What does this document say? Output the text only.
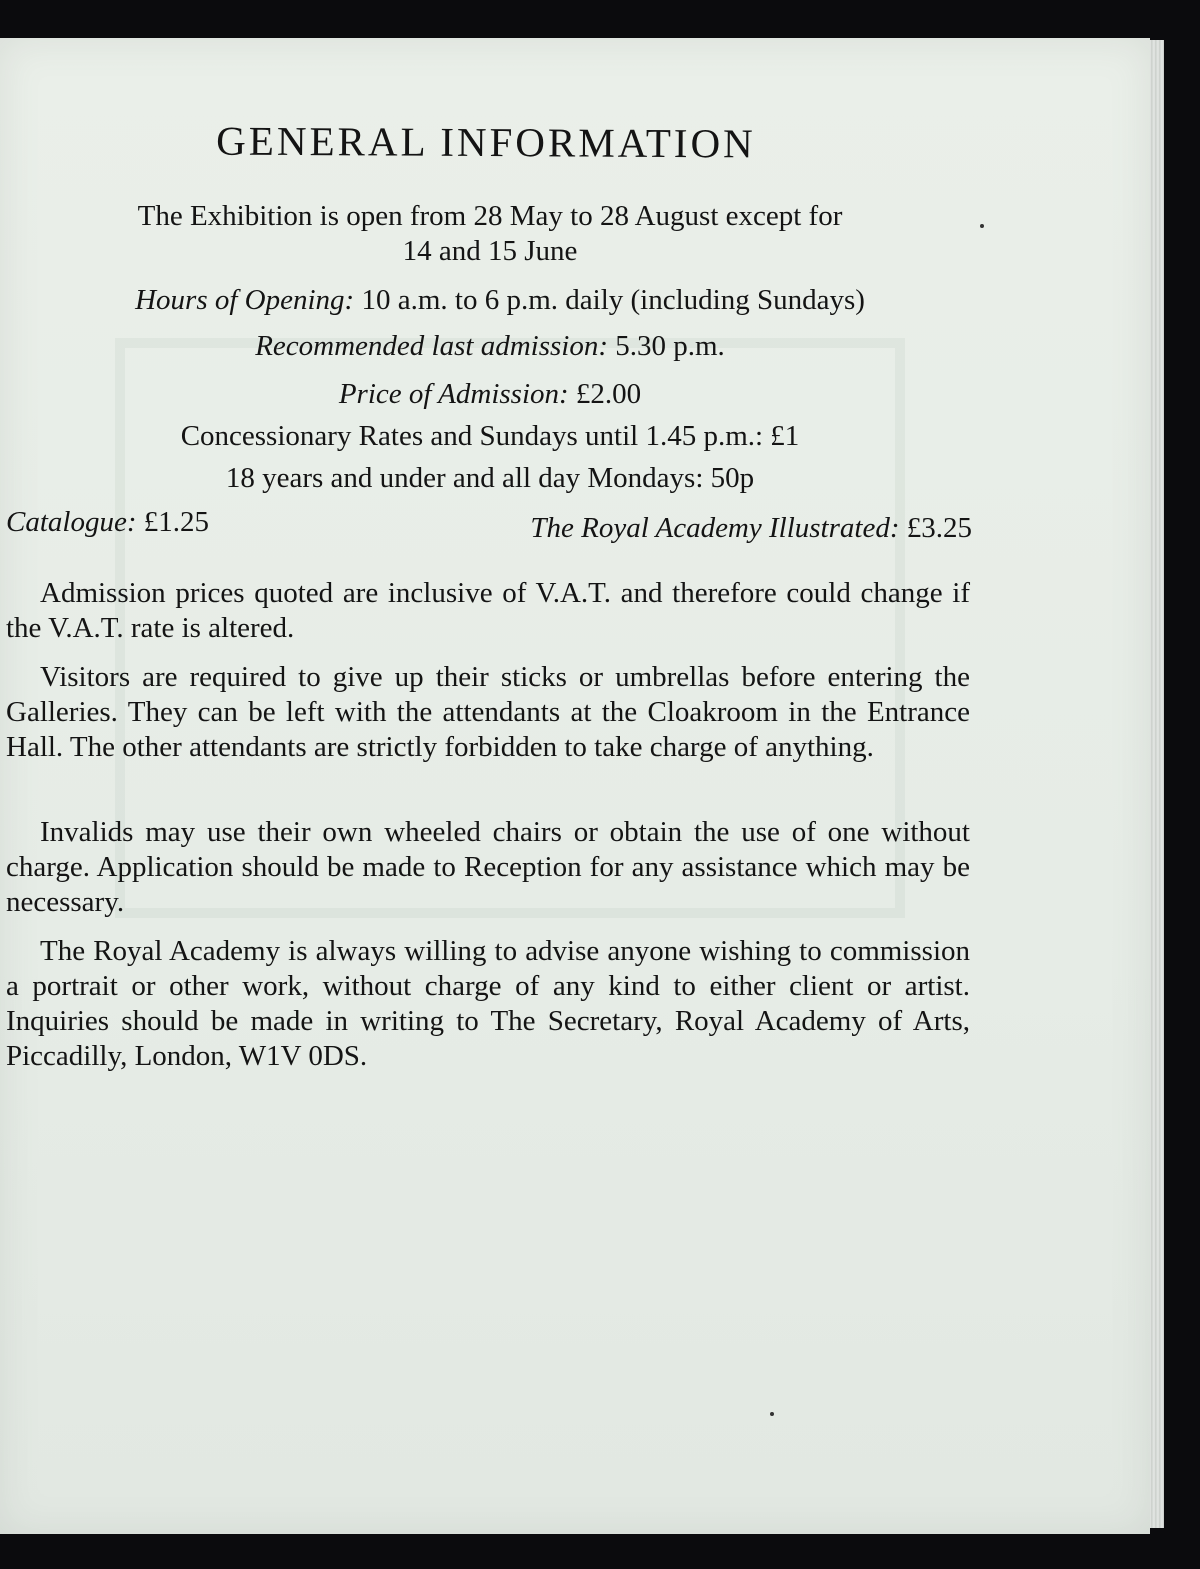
GENERAL INFORMATION

The Exhibition is open from 28 May to 28 August except for

14 and 15 June

Hours of Opening: 10 a.m. to 6 p.m. daily (including Sundays)

Recommended last admission: 5.30 p.m.

Price of Admission: £2.00

Concessionary Rates and Sundays until 1.45 p.m.: £1

18 years and under and all day Mondays: 50p

Catalogue: £1.25	The Royal Academy Illustrated: £3.25

Admission prices quoted are inclusive of V.A.T. and therefore could change if the V.A.T. rate is altered.

Visitors are required to give up their sticks or umbrellas before entering the Galleries. They can be left with the attendants at the Cloakroom in the Entrance Hall. The other attendants are strictly forbidden to take charge of anything.

Invalids may use their own wheeled chairs or obtain the use of one without charge. Application should be made to Reception for any assistance which may be necessary.

The Royal Academy is always willing to advise anyone wishing to commission a portrait or other work, without charge of any kind to either client or artist. Inquiries should be made in writing to The Secretary, Royal Academy of Arts, Piccadilly, London, W1V 0DS.
